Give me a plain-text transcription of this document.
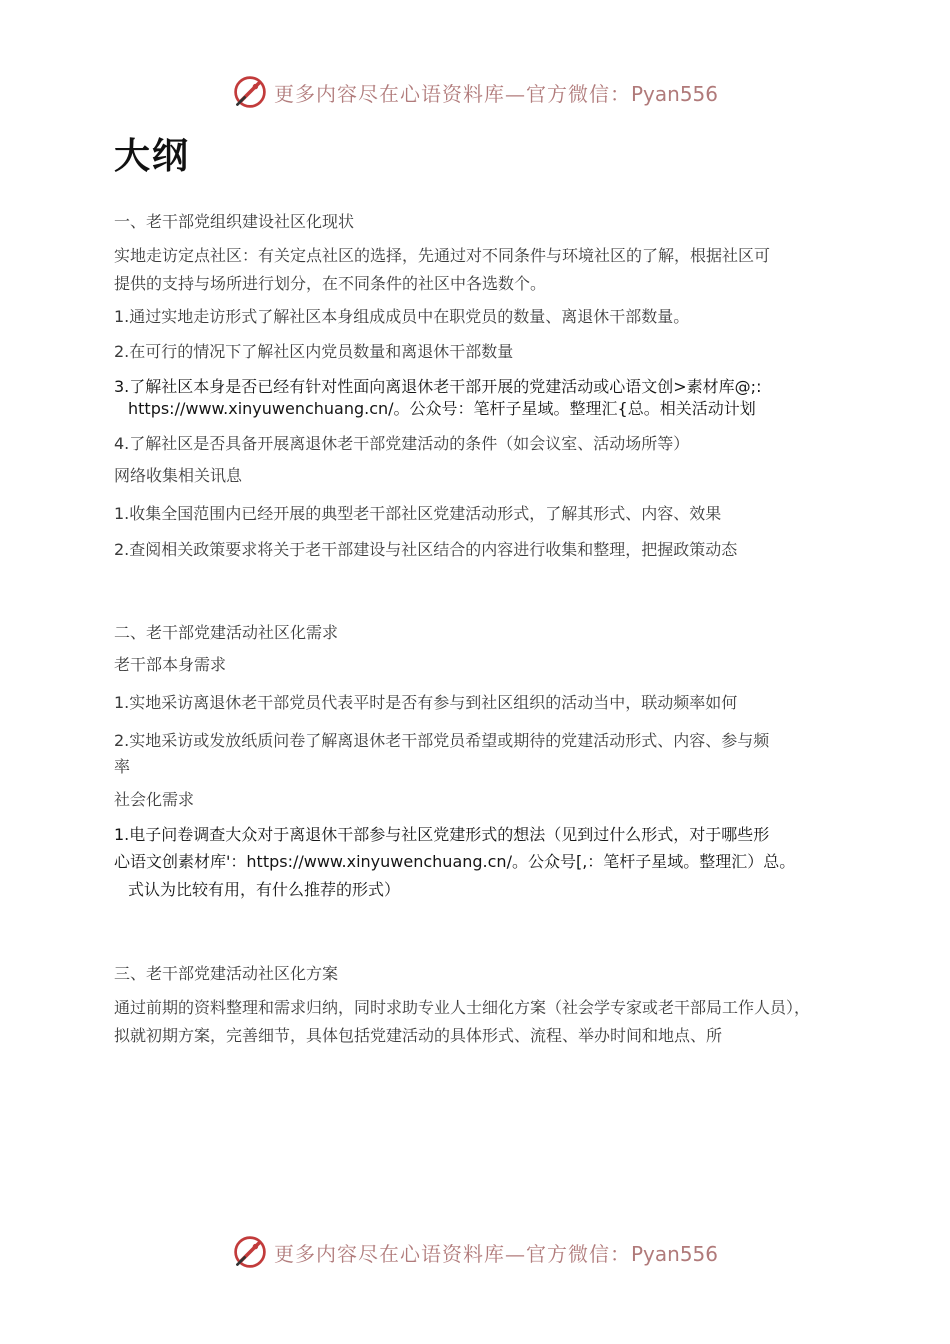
更多内容尽在心语资料库—官方微信：Pyan556
大纲
一、老干部党组织建设社区化现状
实地走访定点社区：有关定点社区的选择，先通过对不同条件与环境社区的了解，根据社区可
提供的支持与场所进行划分，在不同条件的社区中各选数个。
1.通过实地走访形式了解社区本身组成成员中在职党员的数量、离退休干部数量。
2.在可行的情况下了解社区内党员数量和离退休干部数量
3.了解社区本身是否已经有针对性面向离退休老干部开展的党建活动或心语文创>素材库@;:
https://www.xinyuwenchuang.cn/。公众号：笔杆子星域。整理汇{总。相关活动计划
4.了解社区是否具备开展离退休老干部党建活动的条件（如会议室、活动场所等）
网络收集相关讯息
1.收集全国范围内已经开展的典型老干部社区党建活动形式，了解其形式、内容、效果
2.查阅相关政策要求将关于老干部建设与社区结合的内容进行收集和整理，把握政策动态
二、老干部党建活动社区化需求
老干部本身需求
1.实地采访离退休老干部党员代表平时是否有参与到社区组织的活动当中，联动频率如何
2.实地采访或发放纸质问卷了解离退休老干部党员希望或期待的党建活动形式、内容、参与频
率
社会化需求
1.电子问卷调查大众对于离退休干部参与社区党建形式的想法（见到过什么形式，对于哪些形
心语文创素材库'：https://www.xinyuwenchuang.cn/。公众号[,：笔杆子星域。整理汇）总。
式认为比较有用，有什么推荐的形式）
三、老干部党建活动社区化方案
通过前期的资料整理和需求归纳，同时求助专业人士细化方案（社会学专家或老干部局工作人员），
拟就初期方案，完善细节，具体包括党建活动的具体形式、流程、举办时间和地点、所
更多内容尽在心语资料库—官方微信：Pyan556
